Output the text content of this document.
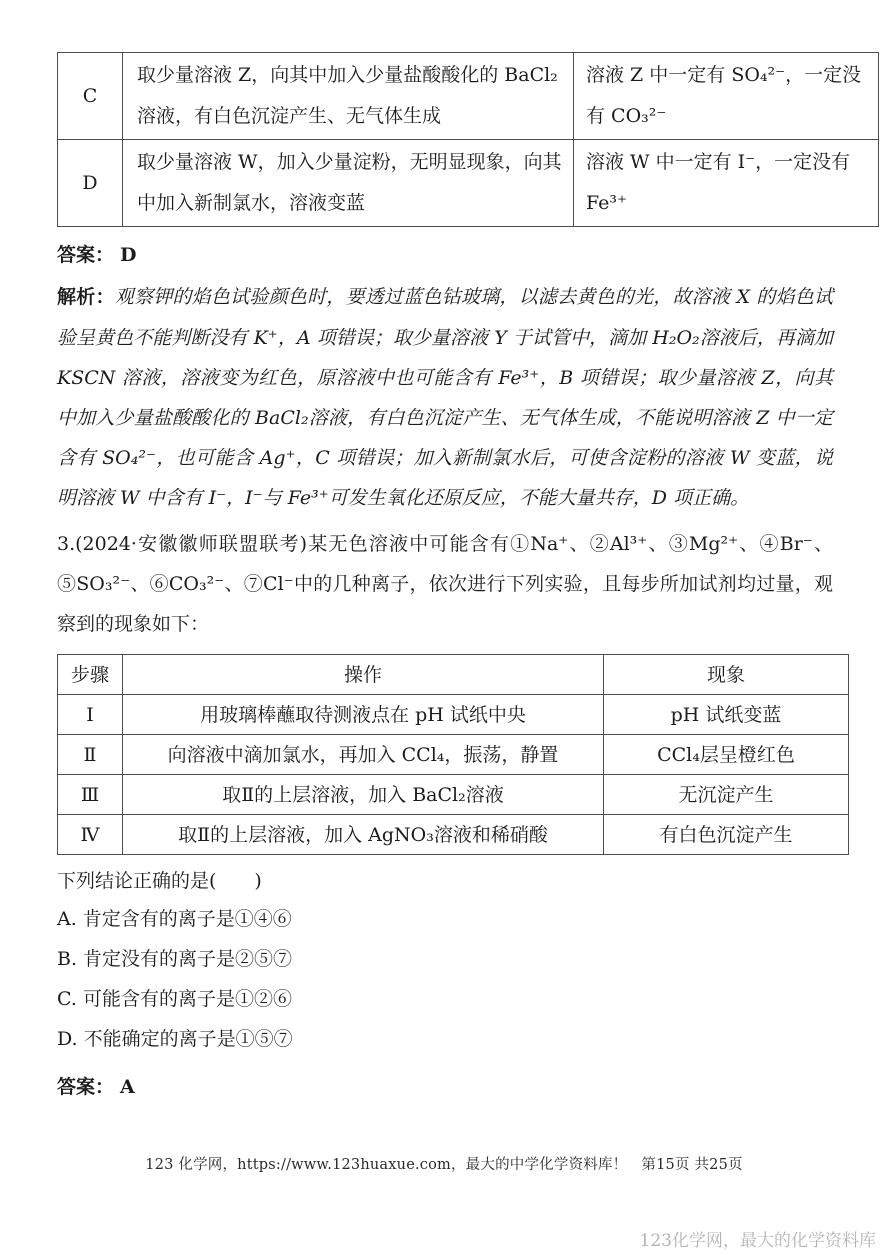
C	取少量溶液 Z，向其中加入少量盐酸酸化的 BaCl₂溶液，有白色沉淀产生、无气体生成	溶液 Z 中一定有 SO₄²⁻，一定没有 CO₃²⁻
D	取少量溶液 W，加入少量淀粉，无明显现象，向其中加入新制氯水，溶液变蓝	溶液 W 中一定有 I⁻，一定没有 Fe³⁺

答案： D

解析：观察钾的焰色试验颜色时，要透过蓝色钴玻璃，以滤去黄色的光，故溶液 X 的焰色试验呈黄色不能判断没有 K⁺，A 项错误；取少量溶液 Y 于试管中，滴加 H₂O₂溶液后，再滴加 KSCN 溶液，溶液变为红色，原溶液中也可能含有 Fe³⁺，B 项错误；取少量溶液 Z，向其中加入少量盐酸酸化的 BaCl₂溶液，有白色沉淀产生、无气体生成，不能说明溶液 Z 中一定含有 SO₄²⁻，也可能含 Ag⁺，C 项错误；加入新制氯水后，可使含淀粉的溶液 W 变蓝，说明溶液 W 中含有 I⁻，I⁻与 Fe³⁺可发生氧化还原反应，不能大量共存，D 项正确。

3.(2024·安徽徽师联盟联考)某无色溶液中可能含有①Na⁺、②Al³⁺、③Mg²⁺、④Br⁻、⑤SO₃²⁻、⑥CO₃²⁻、⑦Cl⁻中的几种离子，依次进行下列实验，且每步所加试剂均过量，观察到的现象如下：

步骤	操作	现象
Ⅰ	用玻璃棒蘸取待测液点在 pH 试纸中央	pH 试纸变蓝
Ⅱ	向溶液中滴加氯水，再加入 CCl₄，振荡，静置	CCl₄层呈橙红色
Ⅲ	取Ⅱ的上层溶液，加入 BaCl₂溶液	无沉淀产生
Ⅳ	取Ⅱ的上层溶液，加入 AgNO₃溶液和稀硝酸	有白色沉淀产生

下列结论正确的是(　　)

A. 肯定含有的离子是①④⑥

B. 肯定没有的离子是②⑤⑦

C. 可能含有的离子是①②⑥

D. 不能确定的离子是①⑤⑦

答案： A

123 化学网，https://www.123huaxue.com，最大的中学化学资料库！ 第15页 共25页
123化学网，最大的化学资料库
